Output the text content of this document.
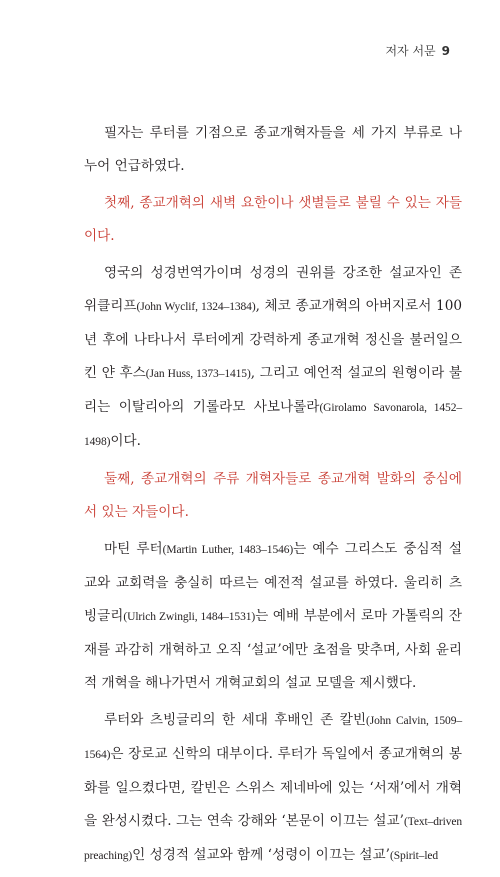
저자 서문 9

필자는 루터를 기점으로 종교개혁자들을 세 가지 부류로 나누어 언급하였다.

첫째, 종교개혁의 새벽 요한이나 샛별들로 불릴 수 있는 자들이다.

영국의 성경번역가이며 성경의 권위를 강조한 설교자인 존 위클리프(John Wyclif, 1324–1384), 체코 종교개혁의 아버지로서 100년 후에 나타나서 루터에게 강력하게 종교개혁 정신을 불러일으킨 얀 후스(Jan Huss, 1373–1415), 그리고 예언적 설교의 원형이라 불리는 이탈리아의 기롤라모 사보나롤라(Girolamo Savonarola, 1452–1498)이다.

둘째, 종교개혁의 주류 개혁자들로 종교개혁 발화의 중심에 서 있는 자들이다.

마틴 루터(Martin Luther, 1483–1546)는 예수 그리스도 중심적 설교와 교회력을 충실히 따르는 예전적 설교를 하였다. 울리히 츠빙글리(Ulrich Zwingli, 1484–1531)는 예배 부분에서 로마 가톨릭의 잔재를 과감히 개혁하고 오직 ‘설교’에만 초점을 맞추며, 사회 윤리적 개혁을 해나가면서 개혁교회의 설교 모델을 제시했다.

루터와 츠빙글리의 한 세대 후배인 존 칼빈(John Calvin, 1509–1564)은 장로교 신학의 대부이다. 루터가 독일에서 종교개혁의 봉화를 일으켰다면, 칼빈은 스위스 제네바에 있는 ‘서재’에서 개혁을 완성시켰다. 그는 연속 강해와 ‘본문이 이끄는 설교’(Text–driven preaching)인 성경적 설교와 함께 ‘성령이 이끄는 설교’(Spirit–led
